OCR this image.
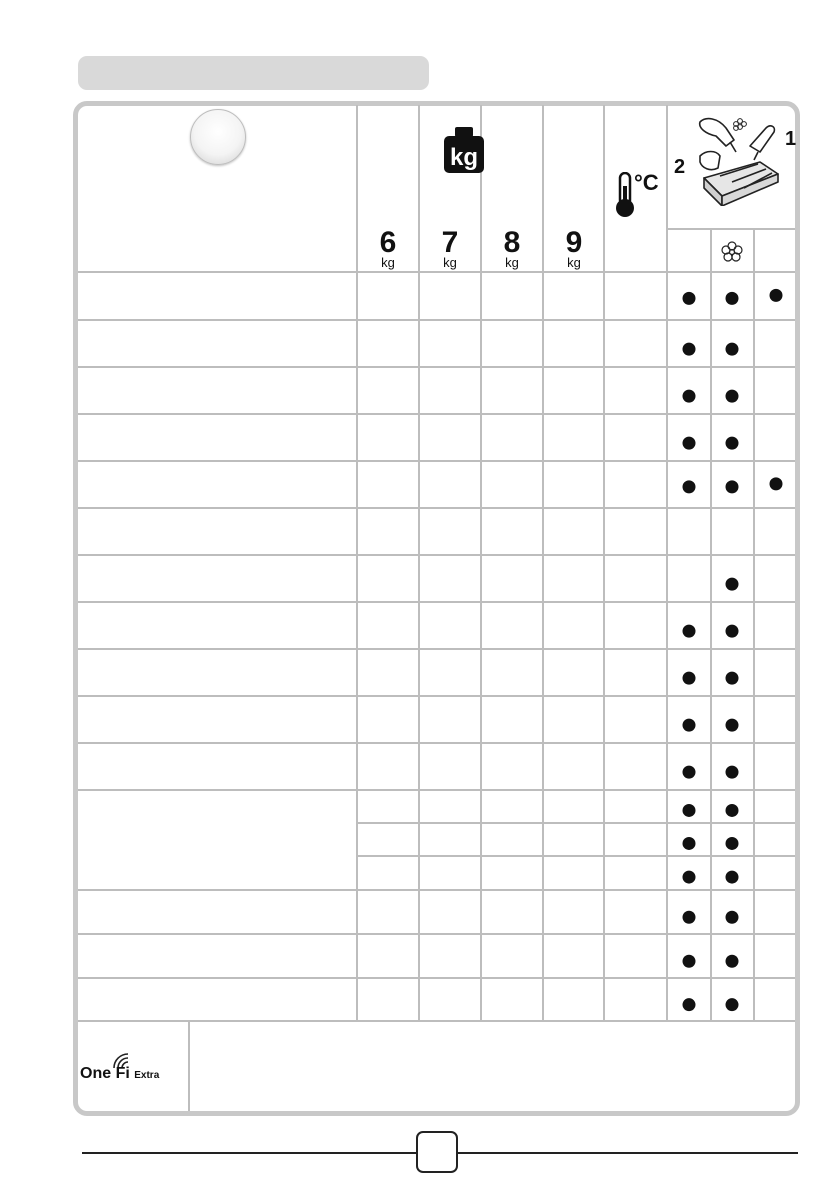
kg
6
kg
7
kg
8
kg
9
kg
°C
2
1
One Fi Extra
